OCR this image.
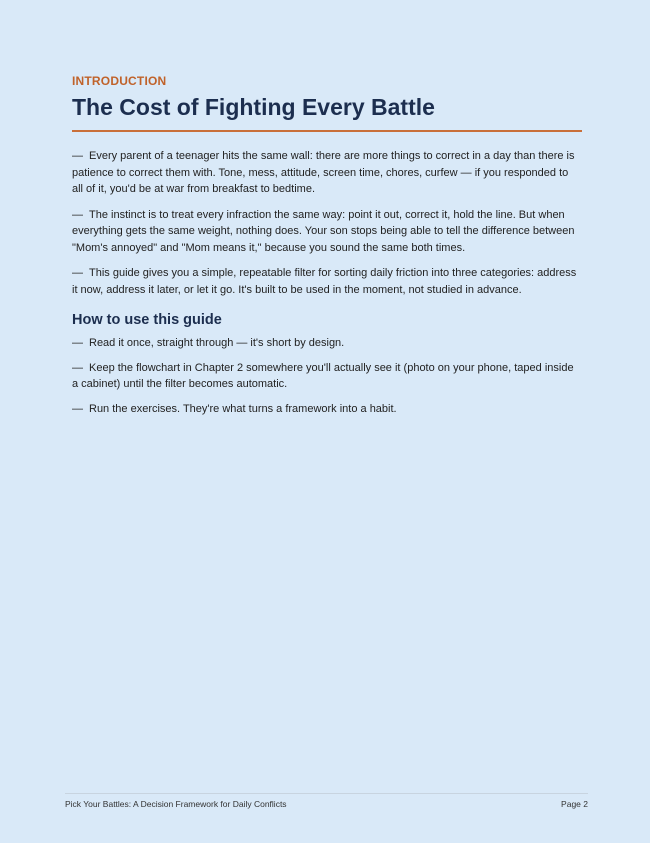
INTRODUCTION

The Cost of Fighting Every Battle

— Every parent of a teenager hits the same wall: there are more things to correct in a day than there is patience to correct them with. Tone, mess, attitude, screen time, chores, curfew — if you responded to all of it, you'd be at war from breakfast to bedtime.

— The instinct is to treat every infraction the same way: point it out, correct it, hold the line. But when everything gets the same weight, nothing does. Your son stops being able to tell the difference between "Mom's annoyed" and "Mom means it," because you sound the same both times.

— This guide gives you a simple, repeatable filter for sorting daily friction into three categories: address it now, address it later, or let it go. It's built to be used in the moment, not studied in advance.

How to use this guide

— Read it once, straight through — it's short by design.

— Keep the flowchart in Chapter 2 somewhere you'll actually see it (photo on your phone, taped inside a cabinet) until the filter becomes automatic.

— Run the exercises. They're what turns a framework into a habit.

Pick Your Battles: A Decision Framework for Daily Conflicts	Page 2
